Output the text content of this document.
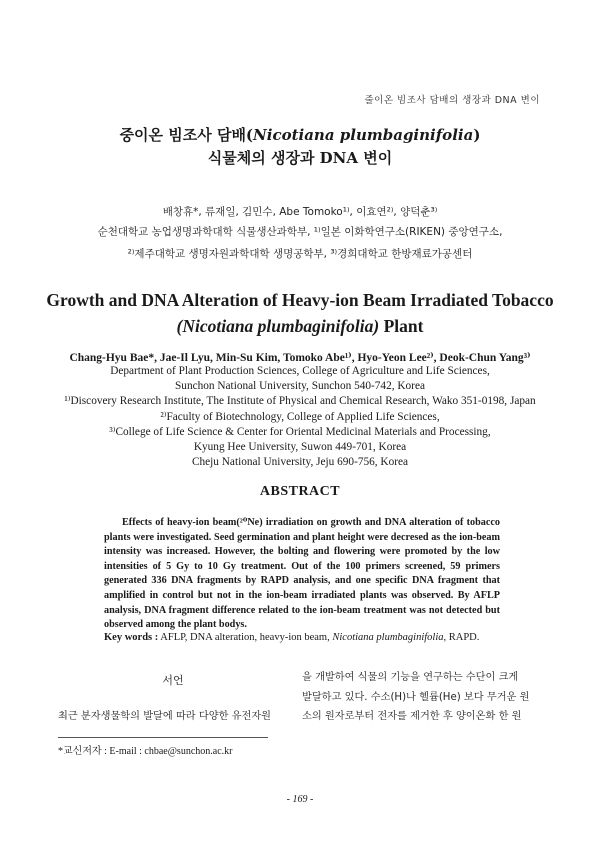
줄이온 빔조사 담배의 생장과 DNA 변이
중이온 빔조사 담배(Nicotiana plumbaginifolia)
식물체의 생장과 DNA 변이
배창휴*, 류재일, 김민수, Abe Tomoko¹⁾, 이효연²⁾, 양덕춘³⁾
순천대학교 농업생명과학대학 식물생산과학부, ¹⁾일본 이화학연구소(RIKEN) 중앙연구소,
²⁾제주대학교 생명자원과학대학 생명공학부, ³⁾경희대학교 한방재료가공센터
Growth and DNA Alteration of Heavy-ion Beam Irradiated Tobacco
(Nicotiana plumbaginifolia) Plant
Chang-Hyu Bae*, Jae-Il Lyu, Min-Su Kim, Tomoko Abe¹⁾, Hyo-Yeon Lee²⁾, Deok-Chun Yang³⁾
Department of Plant Production Sciences, College of Agriculture and Life Sciences,
Sunchon National University, Sunchon 540-742, Korea
¹⁾Discovery Research Institute, The Institute of Physical and Chemical Research, Wako 351-0198, Japan
²⁾Faculty of Biotechnology, College of Applied Life Sciences,
³⁾College of Life Science & Center for Oriental Medicinal Materials and Processing,
Kyung Hee University, Suwon 449-701, Korea
Cheju National University, Jeju 690-756, Korea
ABSTRACT
Effects of heavy-ion beam(²⁰Ne) irradiation on growth and DNA alteration of tobacco plants were investigated. Seed germination and plant height were decresed as the ion-beam intensity was increased. However, the bolting and flowering were promoted by the low intensities of 5 Gy to 10 Gy treatment. Out of the 100 primers screened, 59 primers generated 336 DNA fragments by RAPD analysis, and one specific DNA fragment that amplified in control but not in the ion-beam irradiated plants was observed. By AFLP analysis, DNA fragment difference related to the ion-beam treatment was not detected but observed among the plant bodys.
Key words : AFLP, DNA alteration, heavy-ion beam, Nicotiana plumbaginifolia, RAPD.
서언
최근 분자생물학의 발달에 따라 다양한 유전자원
을 개발하여 식물의 기능을 연구하는 수단이 크게
발달하고 있다. 수소(H)나 헬륨(He) 보다 무거운 원
소의 원자로부터 전자를 제거한 후 양이온화 한 원
*교신저자 : E-mail : chbae@sunchon.ac.kr
- 169 -
